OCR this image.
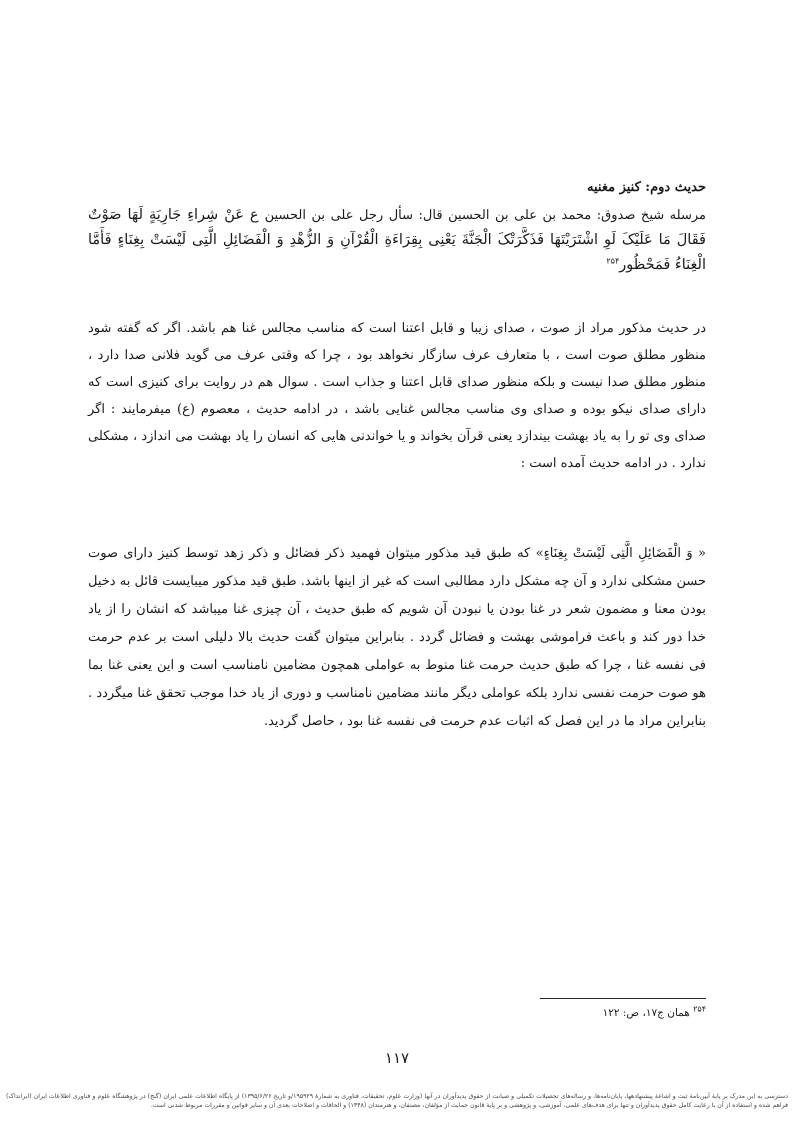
حدیث دوم: کنیز مغنیه
مرسله شیخ صدوق: محمد بن علی بن الحسین قال: سأل رجل علی بن الحسین ع عَنْ شِراءِ جَارِیَةٍ لَهَا صَوْتٌ فَقَالَ مَا عَلَیْکَ لَوِ اشْتَرَیْتَهَا فَذَکَّرَتْکَ الْجَنَّةَ یَعْنِی بِقِرَاءَةِ الْقُرْآنِ وَ الزُّهْدِ وَ الْفَضَائِلِ الَّتِی لَیْسَتْ بِغِنَاءٍ فَأَمَّا الْغِنَاءُ فَمَحْظُور$^{۲۵۴}$
در حدیث مذکور مراد از صوت ، صدای زیبا و قابل اعتنا است که مناسب مجالس غنا هم باشد. اگر که گفته شود منظور مطلق صوت است ، با متعارف عرف سازگار نخواهد بود ، چرا که وقتی عرف می گوید فلانی صدا دارد ، منظور مطلق صدا نیست و بلکه منظور صدای قابل اعتنا و جذاب است . سوال هم در روایت برای کنیزی است که دارای صدای نیکو بوده و صدای وی مناسب مجالس غنایی باشد ، در ادامه حدیث ، معصوم (ع) میفرمایند : اگر صدای وی تو را به یاد بهشت بیندازد یعنی قرآن بخواند و یا خواندنی هایی که انسان را یاد بهشت می اندازد ، مشکلی ندارد . در ادامه حدیث آمده است :
« وَ الْفَضَائِلِ الَّتِی لَیْسَتْ بِغِنَاءٍ» که طبق قید مذکور میتوان فهمید ذکر فضائل و ذکر زهد توسط کنیز دارای صوت حسن مشکلی ندارد و آن چه مشکل دارد مطالبی است که غیر از اینها باشد. طبق قید مذکور میبایست قائل به دخیل بودن معنا و مضمون شعر در غنا بودن یا نبودن آن شویم که طبق حدیث ، آن چیزی غنا میباشد که انشان را از یاد خدا دور کند و باعث فراموشی بهشت و فضائل گردد . بنابراین میتوان گفت حدیث بالا دلیلی است بر عدم حرمت فی نفسه غنا ، چرا که طبق حدیث حرمت غنا منوط به عواملی همچون مضامین نامناسب است و این یعنی غنا بما هو صوت حرمت نفسی ندارد بلکه عواملی دیگر مانند مضامین نامناسب و دوری از یاد خدا موجب تحقق غنا میگردد . بنابراین مراد ما در این فصل که اثبات عدم حرمت فی نفسه غنا بود ، حاصل گردید.
$^{۲۵۴}$ همان ج۱۷، ص: ۱۲۲
۱۱۷
دسترسی به این مدرک بر پایهٔ آیین‌نامهٔ ثبت و اشاعهٔ پیشنهادهها، پایان‌نامه‌ها، و رساله‌های تحصیلات تکمیلی و صیانت از حقوق پدیدآوران در آنها (وزارت علوم، تحقیقات، فناوری به شمارهٔ ۱۹۵۹۲۹/و تاریخ ۱۳۹۵/۶/۲۶) از پایگاه اطلاعات علمی ایران (گنج) در پژوهشگاه علوم و فناوری اطلاعات ایران (ایرانداک) فراهم شده و استفاده از آن با رعایت کامل حقوق پدیدآوران و تنها برای هدف‌های علمی، آموزشی، و پژوهشی و بر پایهٔ قانون حمایت از مؤلفان، مصنفان، و هنرمندان (۱۳۴۸) و الحاقات و اصلاحات بعدی آن و سایر قوانین و مقررات مربوط شدنی است.
